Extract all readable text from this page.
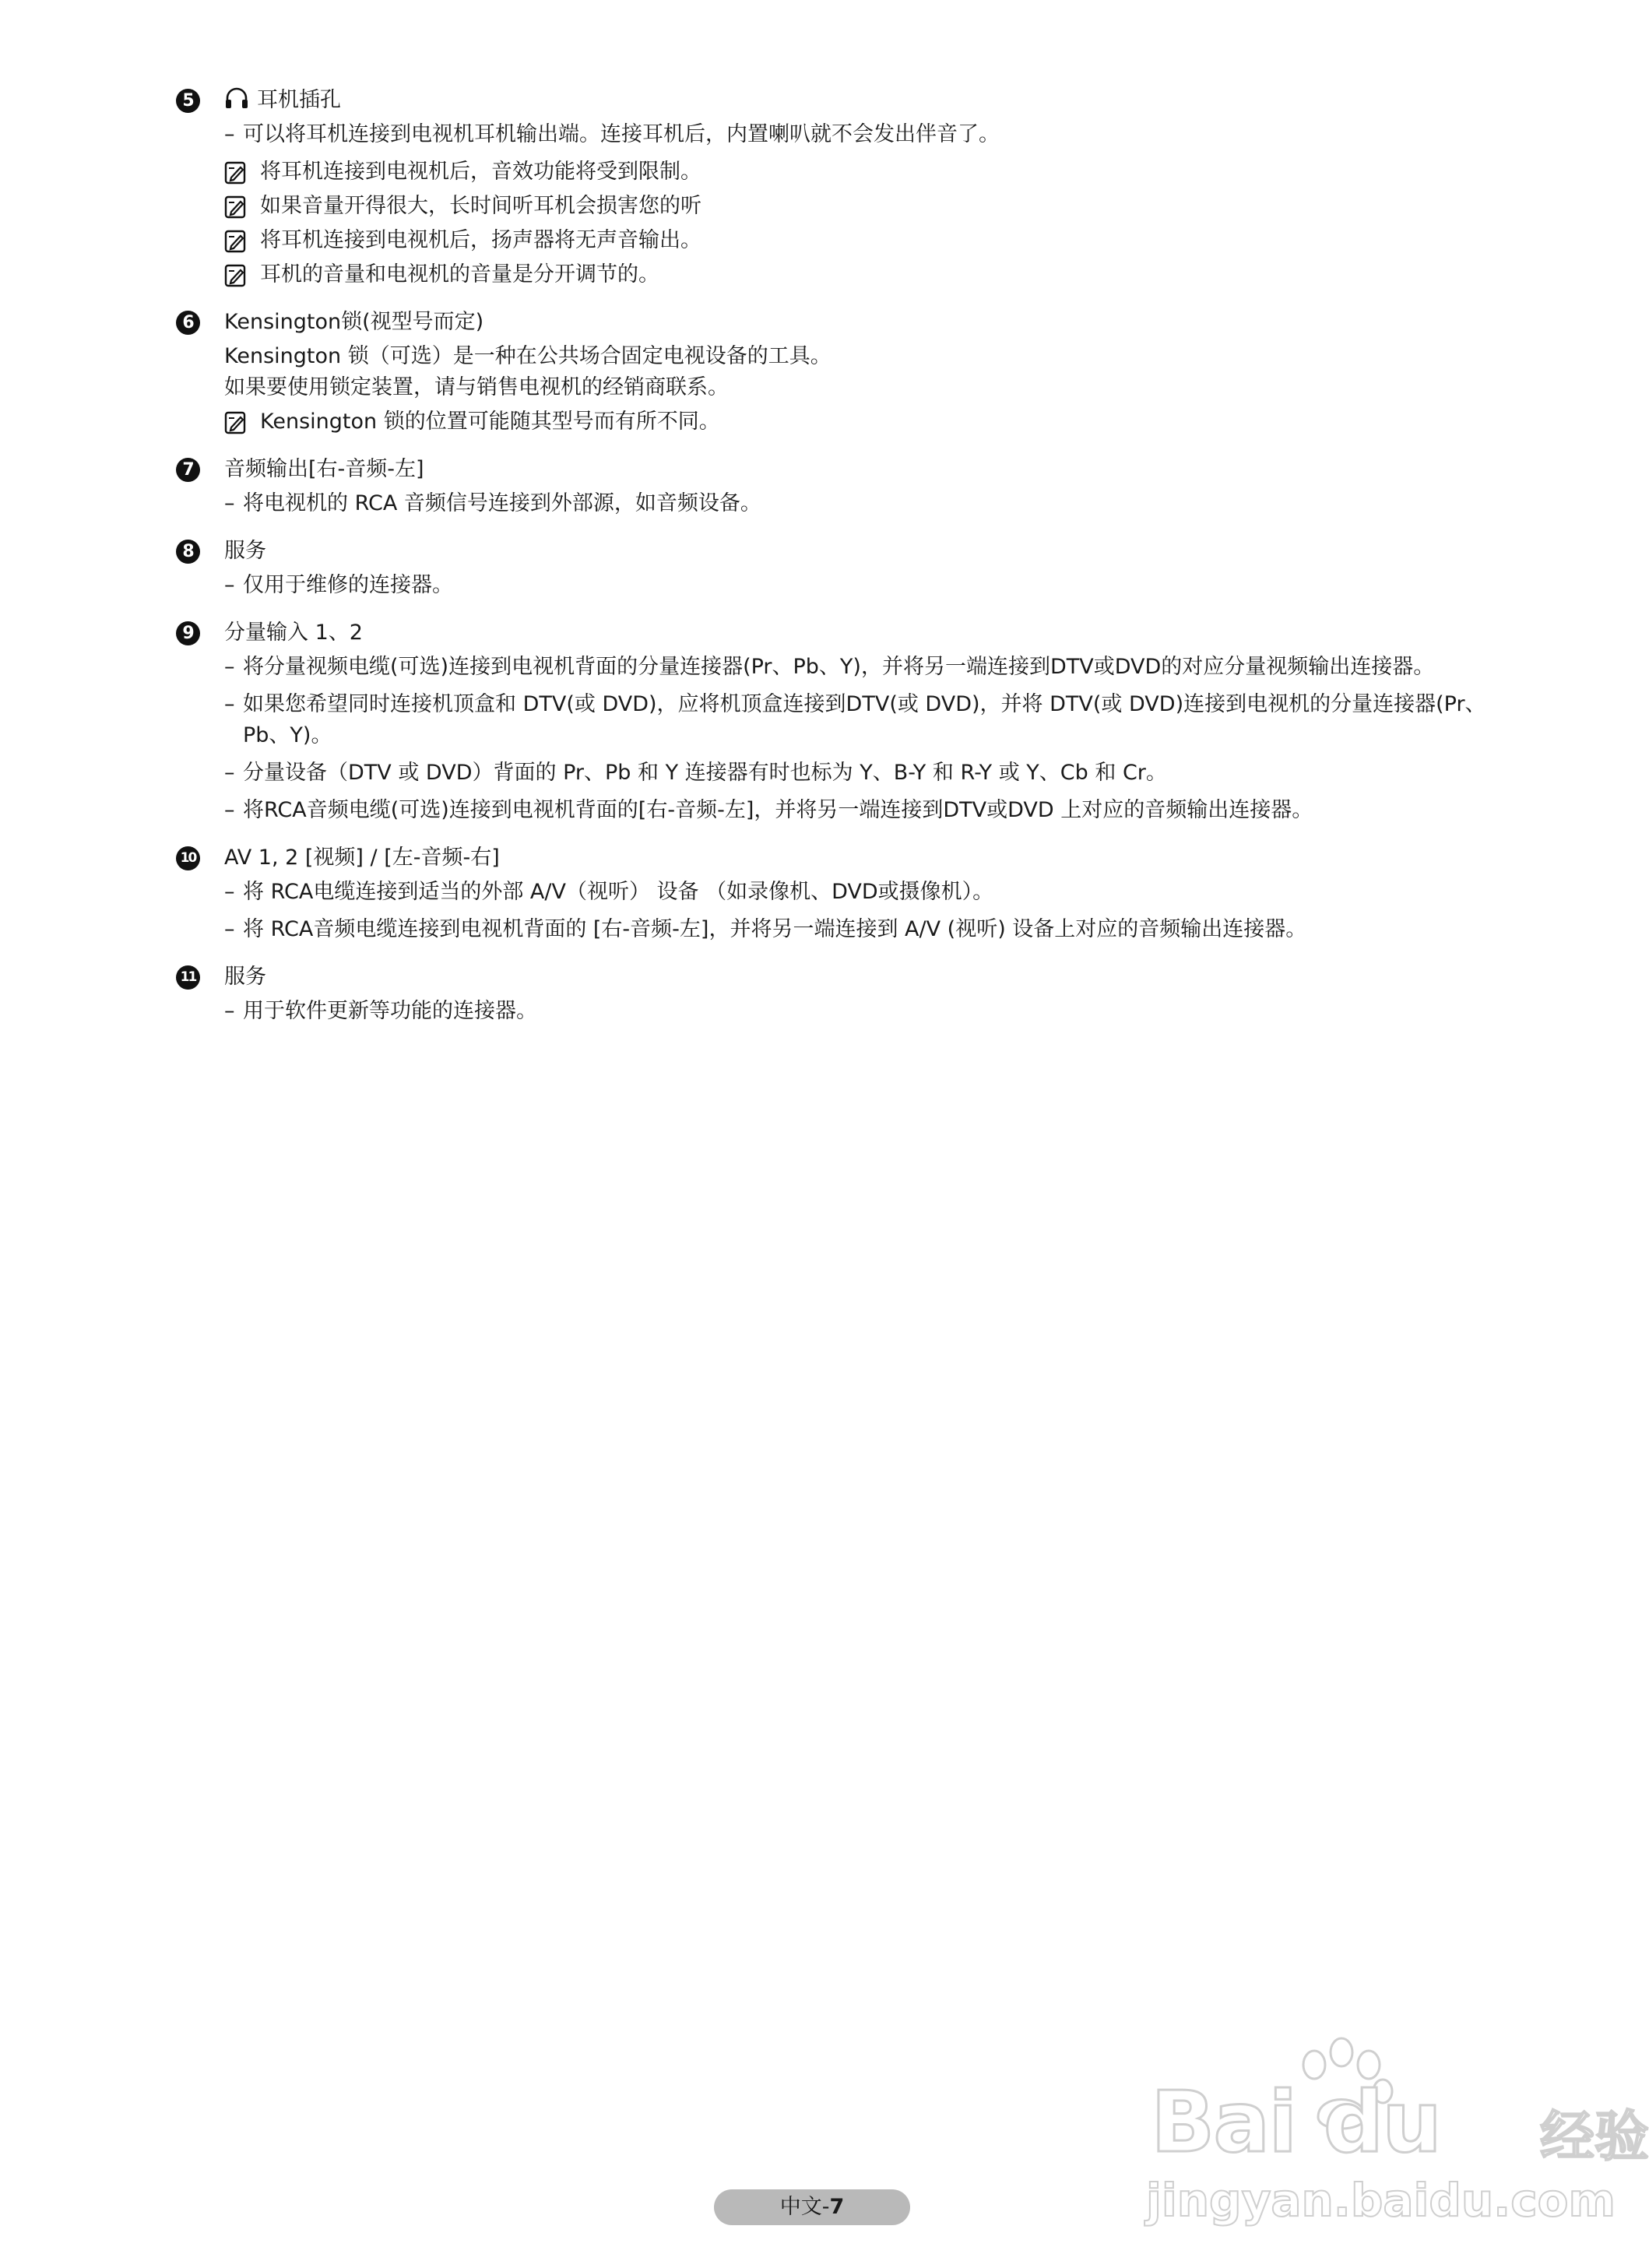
5	耳机插孔
– 可以将耳机连接到电视机耳机输出端。连接耳机后，内置喇叭就不会发出伴音了。
将耳机连接到电视机后，音效功能将受到限制。
如果音量开得很大，长时间听耳机会损害您的听
将耳机连接到电视机后，扬声器将无声音输出。
耳机的音量和电视机的音量是分开调节的。
6	Kensington锁(视型号而定)
Kensington 锁（可选）是一种在公共场合固定电视设备的工具。
如果要使用锁定装置，请与销售电视机的经销商联系。
Kensington 锁的位置可能随其型号而有所不同。
7	音频输出[右-音频-左]
– 将电视机的 RCA 音频信号连接到外部源，如音频设备。
8	服务
– 仅用于维修的连接器。
9	分量输入 1、2
– 将分量视频电缆(可选)连接到电视机背面的分量连接器(Pr、Pb、Y)，并将另一端连接到DTV或DVD的对应分量视频输出连接器。
– 如果您希望同时连接机顶盒和 DTV(或 DVD)，应将机顶盒连接到DTV(或 DVD)，并将 DTV(或 DVD)连接到电视机的分量连接器(Pr、Pb、Y)。
– 分量设备（DTV 或 DVD）背面的 Pr、Pb 和 Y 连接器有时也标为 Y、B-Y 和 R-Y 或 Y、Cb 和 Cr。
– 将RCA音频电缆(可选)连接到电视机背面的[右-音频-左]，并将另一端连接到DTV或DVD 上对应的音频输出连接器。
10 AV 1, 2 [视频] / [左-音频-右]
– 将 RCA电缆连接到适当的外部 A/V（视听） 设备 （如录像机、DVD或摄像机）。
– 将 RCA音频电缆连接到电视机背面的 [右-音频-左]，并将另一端连接到 A/V (视听) 设备上对应的音频输出连接器。
11 服务
– 用于软件更新等功能的连接器。
Bai du 经验
jingyan.baidu.com
中文-7
